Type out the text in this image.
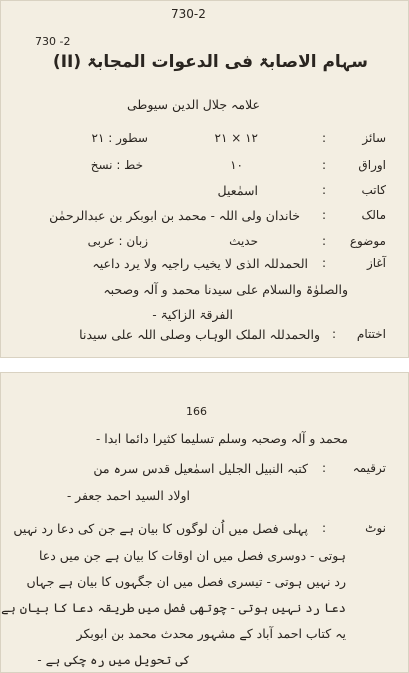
730-2
730 -2
سہام الاصابۃ فی الدعوات المجابۃ (II)
علامہ جلال الدین سیوطی
سائز
:
۲۱ × ۱۲
سطور : ۲۱
اوراق
:
۱۰
خط : نسخ
کاتب
:
اسمٰعیل
مالک
:
خاندان ولی اللہ - محمد بن ابوبکر بن عبدالرحمٰن
موضوع
:
حدیث
زبان : عربی
آغاز
:
الحمدللہ الذی لا یخیب راجیہ ولا یرد داعیہ
والصلوٰۃ والسلام علی سیدنا محمد و آلہ وصحبہ
الفرقۃ الزاکیۃ -
اختتام
:
والحمدللہ الملک الوہاب وصلی اللہ علی سیدنا
166
محمد و آلہ وصحبہ وسلم تسلیما کثیرا دائما ابدا -
ترقیمہ
:
کتبہ النبیل الجلیل اسمٰعیل قدس سرہ من
اولاد السید احمد جعفر -
نوٹ
:
پہلی فصل میں اُن لوگوں کا بیان ہے جن کی دعا رد نہیں
ہوتی - دوسری فصل میں ان اوقات کا بیان ہے جن میں دعا
رد نہیں ہوتی - تیسری فصل میں ان جگہوں کا بیان ہے جہاں
دعا رد نہیں ہوتی - چوتھی فصل میں طریقہ دعا کا بیان ہے
یہ کتاب احمد آباد کے مشہور محدث محمد بن ابوبکر
کی تحویل میں رہ چکی ہے -
